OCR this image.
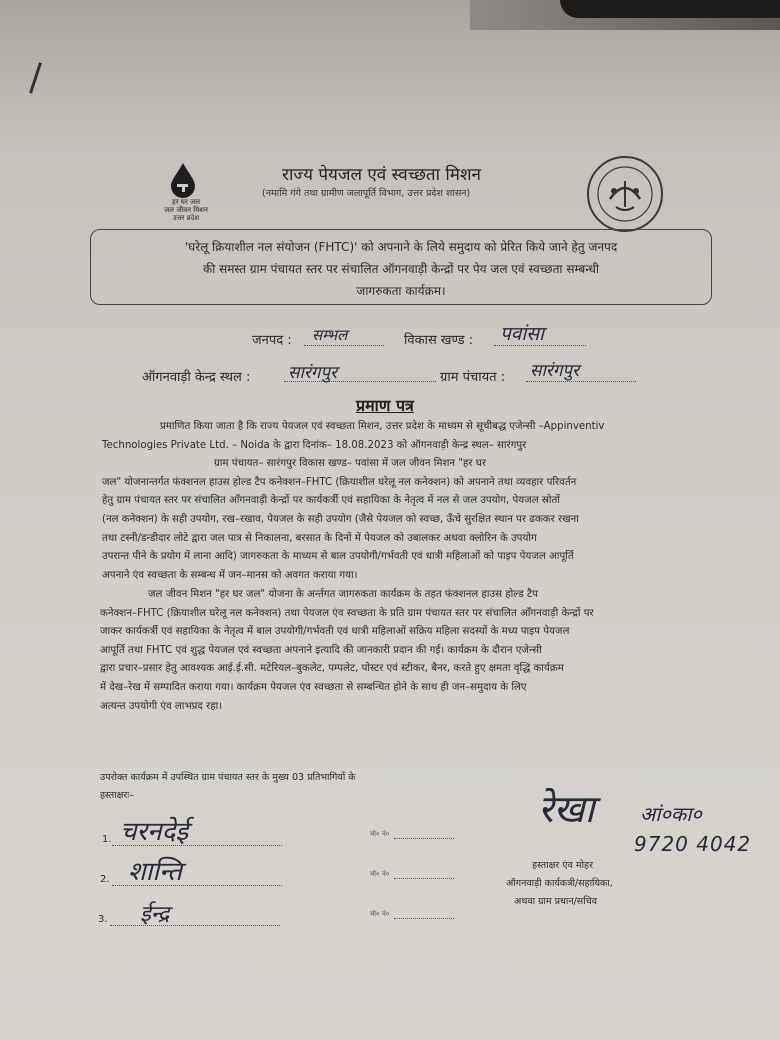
हर घर जल
जल जीवन मिशन
उत्तर प्रदेश
राज्य पेयजल एवं स्वच्छता मिशन
(नमामि गंगे तथा ग्रामीण जलापूर्ति विभाग, उत्तर प्रदेश शासन)
'घरेलू क्रियाशील नल संयोजन (FHTC)' को अपनाने के लिये समुदाय को प्रेरित किये जाने हेतु जनपद
की समस्त ग्राम पंचायत स्तर पर संचालित ऑगनवाड़ी केन्द्रों पर पेय जल एवं स्वच्छता सम्बन्धी
जागरुकता कार्यक्रम।
जनपद : सम्भल	विकास खण्ड : पवांसा
ऑगनवाड़ी केन्द्र स्थल : सारंगपुर	ग्राम पंचायत : सारंगपुर
प्रमाण पत्र
प्रमाणित किया जाता है कि राज्य पेयजल एवं स्वच्छता मिशन, उत्तर प्रदेश के माध्यम से सूचीबद्ध एजेन्सी –Appinventiv
Technologies Private Ltd. – Noida के द्वारा दिनांक– 18.08.2023 को ऑगनवाड़ी केन्द्र स्थल– सारंगपुर
ग्राम पंचायत– सारंगपुर विकास खण्ड– पवांसा में जल जीवन मिशन "हर घर
जल" योजनान्तर्गत फंक्शनल हाउस होल्ड टैप कनेक्शन–FHTC (क्रियाशील घरेलू नल कनेक्शन) को अपनाने तथा व्यवहार परिवर्तन
हेतु ग्राम पंचायत स्तर पर संचालित आँगनवाड़ी केन्द्रों पर कार्यकर्त्री एवं सहायिका के नेतृत्व में नल से जल उपयोग, पेयजल स्रोतों
(नल कनेक्शन) के सही उपयोग, रख–रखाव, पेयजल के सही उपयोग (जैसे पेयजल को स्वच्छ, ऊँचे सुरक्षित स्थान पर ढककर रखना
तथा टस्नी/डन्डीदार लोटे द्वारा जल पात्र से निकालना, बरसात के दिनों में पेयजल को उबालकर अथवा क्लोरिन के उपयोग
उपरान्त पीने के प्रयोग में लाना आदि) जागरुकता के माध्यम से बाल उपयोगी/गर्भवती एवं धात्री महिलाओं को पाइप पेयजल आपूर्ति
अपनाने एंव स्वच्छता के सम्बन्ध में जन–मानस को अवगत कराया गया।
जल जीवन मिशन "हर घर जल" योजना के अर्न्तगत जागरुकता कार्यक्रम के तहत फंक्शनल हाउस होल्ड टैप
कनेक्शन–FHTC (क्रियाशील घरेलू नल कनेक्शन) तथा पेयजल एंव स्वच्छता के प्रति ग्राम पंचायत स्तर पर संचालित आँगनवाड़ी केन्द्रों पर
जाकर कार्यकर्त्री एवं सहायिका के नेतृत्व में बाल उपयोगी/गर्भवती एवं धात्री महिलाओं सक्रिय महिला सदस्यों के मध्य पाइप पेयजल
आपूर्ति तथा FHTC एवं शुद्ध पेयजल एवं स्वच्छता अपनाने इत्यादि की जानकारी प्रदान की गई। कार्यक्रम के दौरान एजेन्सी
द्वारा प्रचार–प्रसार हेतु आवश्यक आई.ई.सी. मटेरियल–बुकलेट, पम्पलेट, पोस्टर एवं स्टीकर, बैनर, करते हुए क्षमता वृद्धि कार्यक्रम
में देख–रेख में सम्पादित कराया गया। कार्यक्रम पेयजल एंव स्वच्छता से सम्बन्धित होने के साथ ही जन–समुदाय के लिए
अत्यन्त उपयोगी एंव लाभप्रद रहा।
उपरोक्त कार्यक्रम में उपस्थित ग्राम पंचायत स्तर के मुख्य 03 प्रतिभागियों के
हस्ताक्षरः–
1. चरनदेई	मो० नं०
2. शान्ति	मो० नं०
3. ईन्द्र	मो० नं०
रेखा आं०का०
9720 4042
हस्ताक्षर एंव मोहर
ऑगनवाड़ी कार्यकत्री/सहायिका,
अथवा ग्राम प्रधान/सचिव
